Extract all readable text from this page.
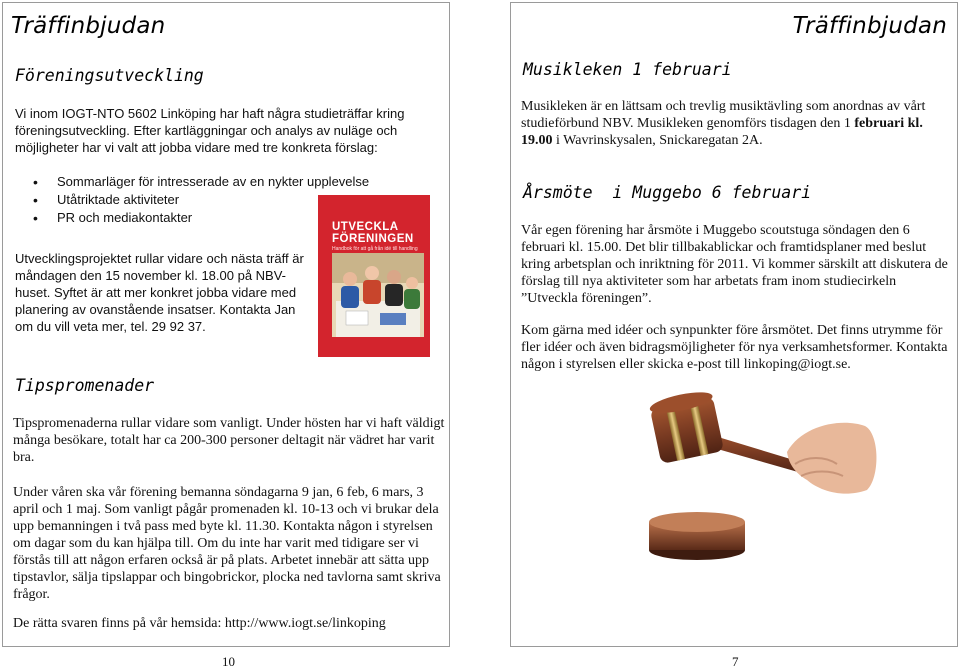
Träffinbjudan
Föreningsutveckling

Vi inom IOGT-NTO 5602 Linköping har haft några studieträffar kring föreningsutveckling. Efter kartläggningar och analys av nuläge och möjligheter har vi valt att jobba vidare med tre konkreta förslag:

• Sommarläger för intresserade av en nykter upplevelse
• Utåtriktade aktiviteter
• PR och mediakontakter

Utvecklingsprojektet rullar vidare och nästa träff är måndagen den 15 november kl. 18.00 på NBV-huset. Syftet är att mer konkret jobba vidare med planering av ovanstående insatser. Kontakta Jan om du vill veta mer, tel. 29 92 37.

Tipspromenader

Tipspromenaderna rullar vidare som vanligt. Under hösten har vi haft väldigt många besökare, totalt har ca 200-300 personer deltagit när vädret har varit bra.

Under våren ska vår förening bemanna söndagarna 9 jan, 6 feb, 6 mars, 3 april och 1 maj. Som vanligt pågår promenaden kl. 10-13 och vi brukar dela upp bemanningen i två pass med byte kl. 11.30. Kontakta någon i styrelsen om dagar som du kan hjälpa till. Om du inte har varit med tidigare ser vi förstås till att någon erfaren också är på plats. Arbetet innebär att sätta upp tipstavlor, sälja tipslappar och bingobrickor, plocka ned tavlorna samt skriva frågor.

De rätta svaren finns på vår hemsida: http://www.iogt.se/linkoping

UTVECKLA
FÖRENINGEN
Handbok för att gå från idé till handling
Träffinbjudan
Musikleken 1 februari

Musikleken är en lättsam och trevlig musiktävling som anordnas av vårt studieförbund NBV. Musikleken genomförs tisdagen den 1 februari kl. 19.00 i Wavrinskysalen, Snickaregatan 2A.

Årsmöte  i Muggebo 6 februari

Vår egen förening har årsmöte i Muggebo scoutstuga söndagen den 6 februari kl. 15.00. Det blir tillbakablickar och framtidsplaner med beslut kring arbetsplan och inriktning för 2011. Vi kommer särskilt att diskutera de förslag till nya aktiviteter som har arbetats fram inom studiecirkeln ”Utveckla föreningen”.

Kom gärna med idéer och synpunkter före årsmötet. Det finns utrymme för fler idéer och även bidragsmöjligheter för nya verksamhetsformer. Kontakta någon i styrelsen eller skicka e-post till linkoping@iogt.se.

10	7
